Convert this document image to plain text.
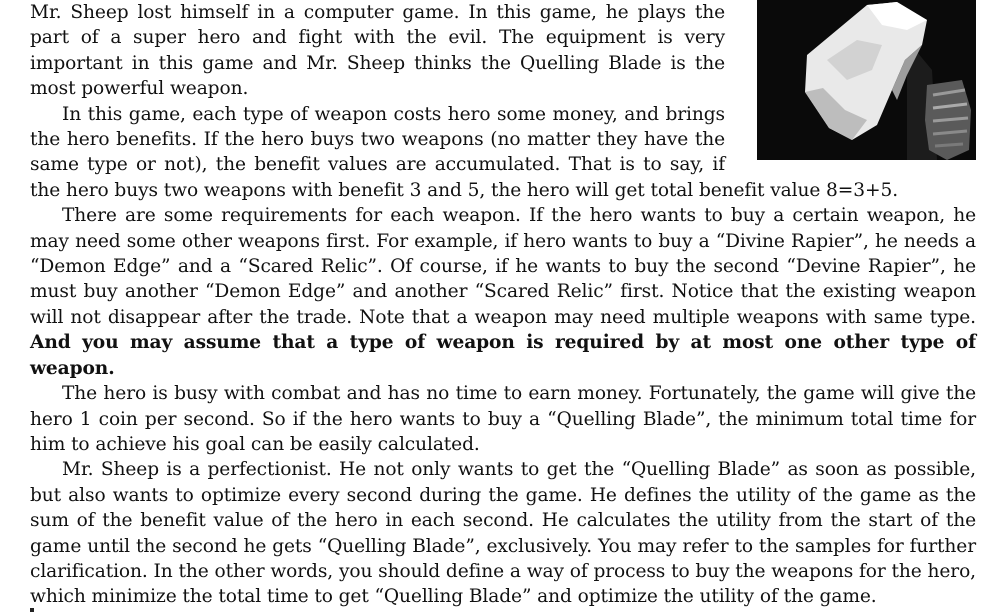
Mr. Sheep lost himself in a computer game. In this game, he plays the part of a super hero and fight with the evil. The equipment is very important in this game and Mr. Sheep thinks the Quelling Blade is the most powerful weapon.

In this game, each type of weapon costs hero some money, and brings the hero benefits. If the hero buys two weapons (no matter they have the same type or not), the benefit values are accumulated. That is to say, if the hero buys two weapons with benefit 3 and 5, the hero will get total benefit value 8=3+5.

There are some requirements for each weapon. If the hero wants to buy a certain weapon, he may need some other weapons first. For example, if hero wants to buy a “Divine Rapier”, he needs a “Demon Edge” and a “Scared Relic”. Of course, if he wants to buy the second “Devine Rapier”, he must buy another “Demon Edge” and another “Scared Relic” first. Notice that the existing weapon will not disappear after the trade. Note that a weapon may need multiple weapons with same type. And you may assume that a type of weapon is required by at most one other type of weapon.

The hero is busy with combat and has no time to earn money. Fortunately, the game will give the hero 1 coin per second. So if the hero wants to buy a “Quelling Blade”, the minimum total time for him to achieve his goal can be easily calculated.

Mr. Sheep is a perfectionist. He not only wants to get the “Quelling Blade” as soon as possible, but also wants to optimize every second during the game. He defines the utility of the game as the sum of the benefit value of the hero in each second. He calculates the utility from the start of the game until the second he gets “Quelling Blade”, exclusively. You may refer to the samples for further clarification. In the other words, you should define a way of process to buy the weapons for the hero, which minimize the total time to get “Quelling Blade” and optimize the utility of the game.
